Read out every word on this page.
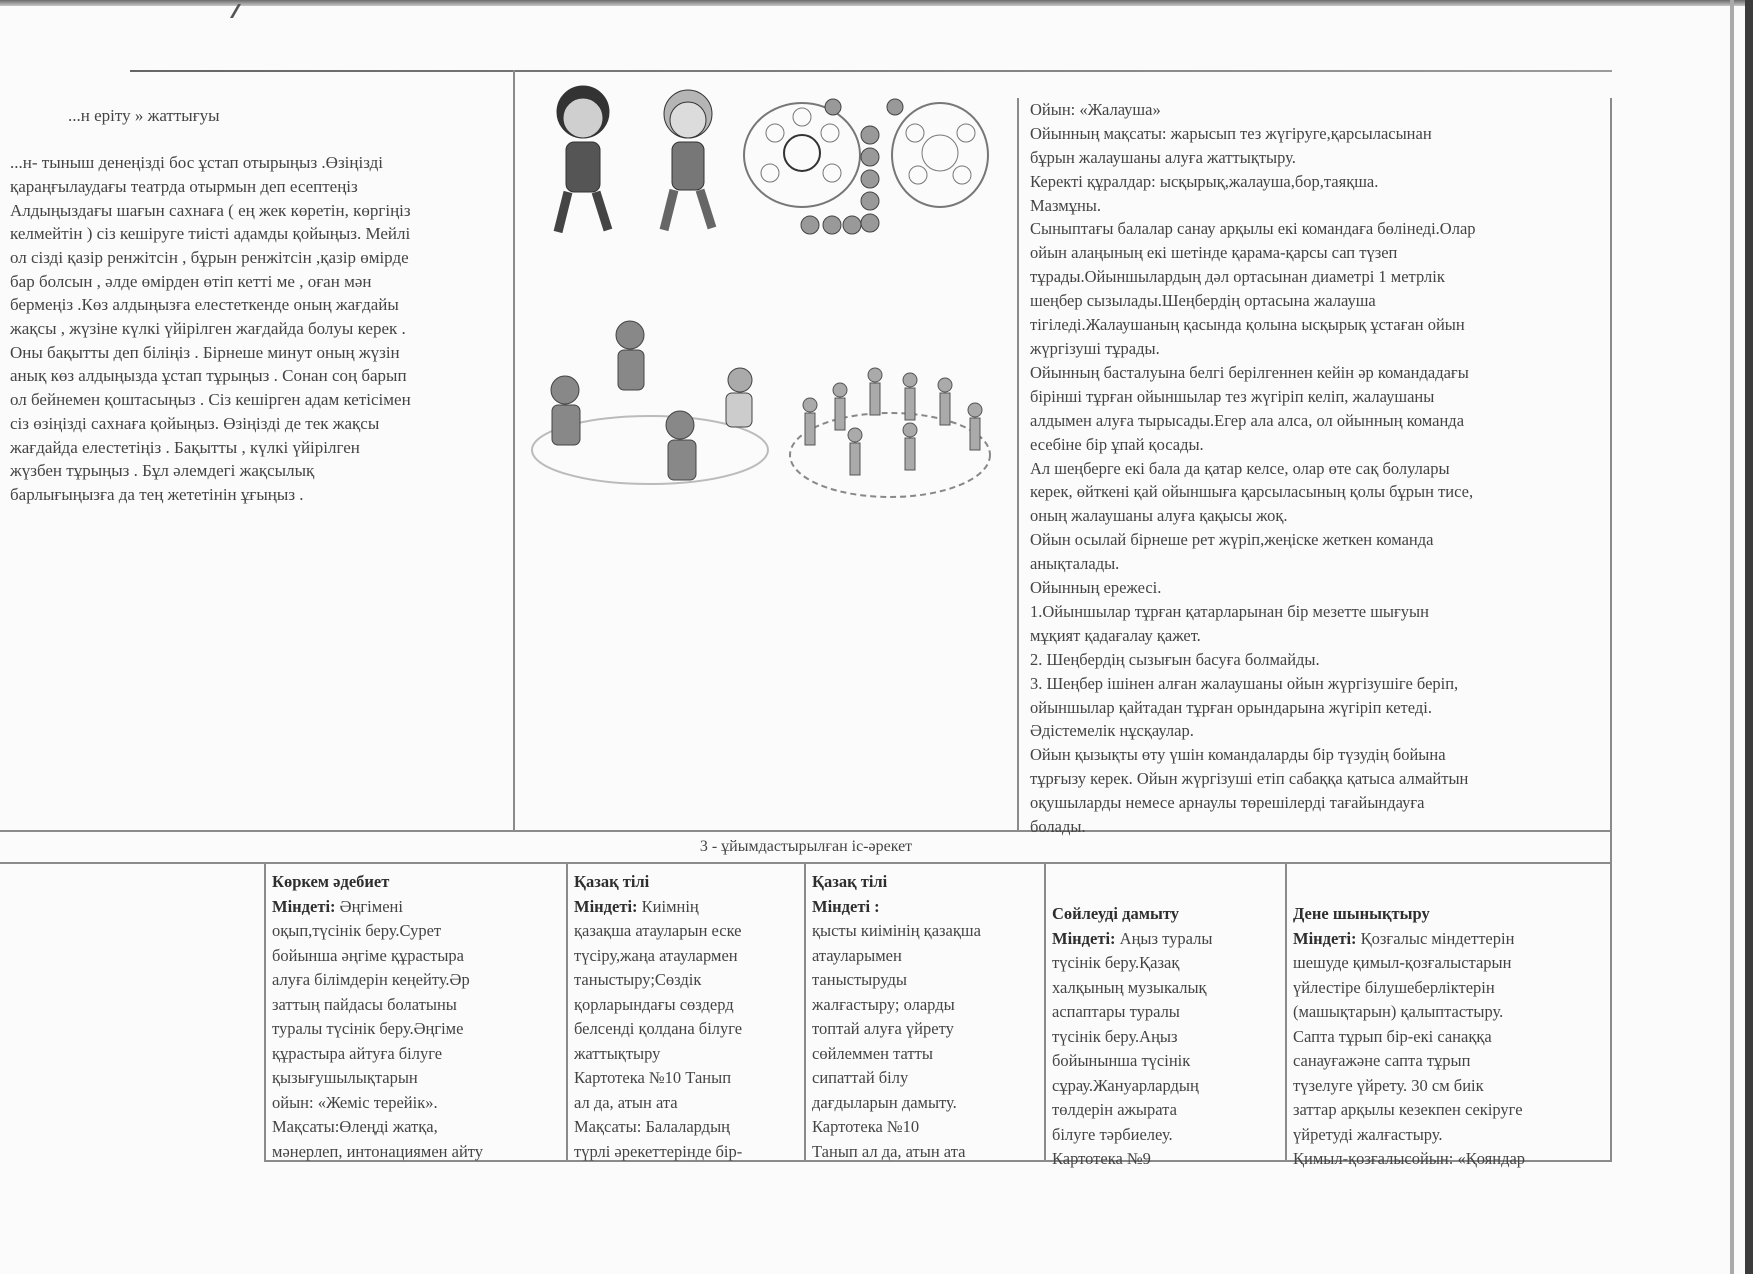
...н еріту » жаттығуы

...н- тыныш денеңізді бос ұстап отырыңыз .Өзіңізді
қараңғылаудағы театрда отырмын деп есептеңіз
Алдыңыздағы шағын сахнаға ( ең жек көретін, көргіңіз
келмейтін ) сіз кешіруге тиісті адамды қойыңыз. Мейлі
ол сізді қазір ренжітсін , бұрын ренжітсін ,қазір өмірде
бар болсын , әлде өмірден өтіп кетті ме , оған мән
бермеңіз .Көз алдыңызға елестеткенде оның жағдайы
жақсы , жүзіне күлкі үйірілген жағдайда болуы керек .
Оны бақытты деп біліңіз . Бірнеше минут оның жүзін
анық көз алдыңызда ұстап тұрыңыз . Сонан соң барып
ол бейнемен қоштасыңыз . Сіз кешірген адам кетісімен
сіз өзіңізді сахнаға қойыңыз. Өзіңізді де тек жақсы
жағдайда елестетіңіз . Бақытты , күлкі үйірілген
жүзбен тұрыңыз . Бұл әлемдегі жақсылық
барлығыңызға да тең жететінін ұғыңыз .

Ойын: «Жалауша»
Ойынның мақсаты: жарысып тез жүгіруге,қарсыласынан
бұрын жалаушаны алуға жаттықтыру.
Керекті құралдар: ысқырық,жалауша,бор,таяқша.
Мазмұны.
Сыныптағы балалар санау арқылы екі командаға бөлінеді.Олар
ойын алаңының екі шетінде қарама-қарсы сап түзеп
тұрады.Ойыншылардың дәл ортасынан диаметрі 1 метрлік
шеңбер сызылады.Шеңбердің ортасына жалауша
тігіледі.Жалаушаның қасында қолына ысқырық ұстаған ойын
жүргізуші тұрады.
Ойынның басталуына белгі берілгеннен кейін әр командадағы
бірінші тұрған ойыншылар тез жүгіріп келіп, жалаушаны
алдымен алуға тырысады.Егер ала алса, ол ойынның команда
есебіне бір ұпай қосады.
Ал шеңберге екі бала да қатар келсе, олар өте сақ болулары
керек, өйткені қай ойыншыға қарсыласының қолы бұрын тисе,
оның жалаушаны алуға қақысы жоқ.
Ойын осылай бірнеше рет жүріп,жеңіске жеткен команда
анықталады.
Ойынның ережесі.
1.Ойыншылар тұрған қатарларынан бір мезетте шығуын
мұқият қадағалау қажет.
2. Шеңбердің сызығын басуға болмайды.
3. Шеңбер ішінен алған жалаушаны ойын жүргізушіге беріп,
ойыншылар қайтадан тұрған орындарына жүгіріп кетеді.
Әдістемелік нұсқаулар.
Ойын қызықты өту үшін командаларды бір түзудің бойына
тұрғызу керек. Ойын жүргізуші етіп сабаққа қатыса алмайтын
оқушыларды немесе арнаулы төрешілерді тағайындауға
болады.

3 - ұйымдастырылған іс-әрекет
Көркем әдебиет
Міндеті: Әңгімені
оқып,түсінік беру.Сурет
бойынша әңгіме құрастыра
алуға білімдерін кеңейту.Әр
заттың пайдасы болатыны
туралы түсінік беру.Әңгіме
құрастыра айтуға білуге
қызығушылықтарын
ойын: «Жеміс терейік».
Мақсаты:Өлеңді жатқа,
мәнерлеп, интонациямен айту
Қазақ тілі
Міндеті: Киімнің
қазақша атауларын еске
түсіру,жаңа атаулармен
таныстыру;Сөздік
қорларындағы сөздерд
белсенді қолдана білуге
жаттықтыру
Картотека №10 Танып
ал да, атын ата
Мақсаты: Балалардың
түрлі әрекеттерінде бір-
Қазақ тілі
Міндеті :
қысты киімінің қазақша
атауларымен
таныстыруды
жалғастыру; оларды
топтай алуға үйрету
сөйлеммен татты
сипаттай білу
дағдыларын дамыту.
Картотека №10
Танып ал да, атын ата
Сөйлеуді дамыту
Міндеті: Аңыз туралы
түсінік беру.Қазақ
халқының музыкалық
аспаптары туралы
түсінік беру.Аңыз
бойынынша түсінік
сұрау.Жануарлардың
төлдерін ажырата
білуге тәрбиелеу.
Картотека №9
Дене шынықтыру
Міндеті: Қозғалыс міндеттерін
шешуде қимыл-қозғалыстарын
үйлестіре білушеберліктерін
(машықтарын) қалыптастыру.
Сапта тұрып бір-екі санаққа
санауғажәне сапта тұрып
түзелуге үйрету. 30 см биік
заттар арқылы кезекпен секіруге
үйретуді жалғастыру.
Қимыл-қозғалысойын: «Қояндар
